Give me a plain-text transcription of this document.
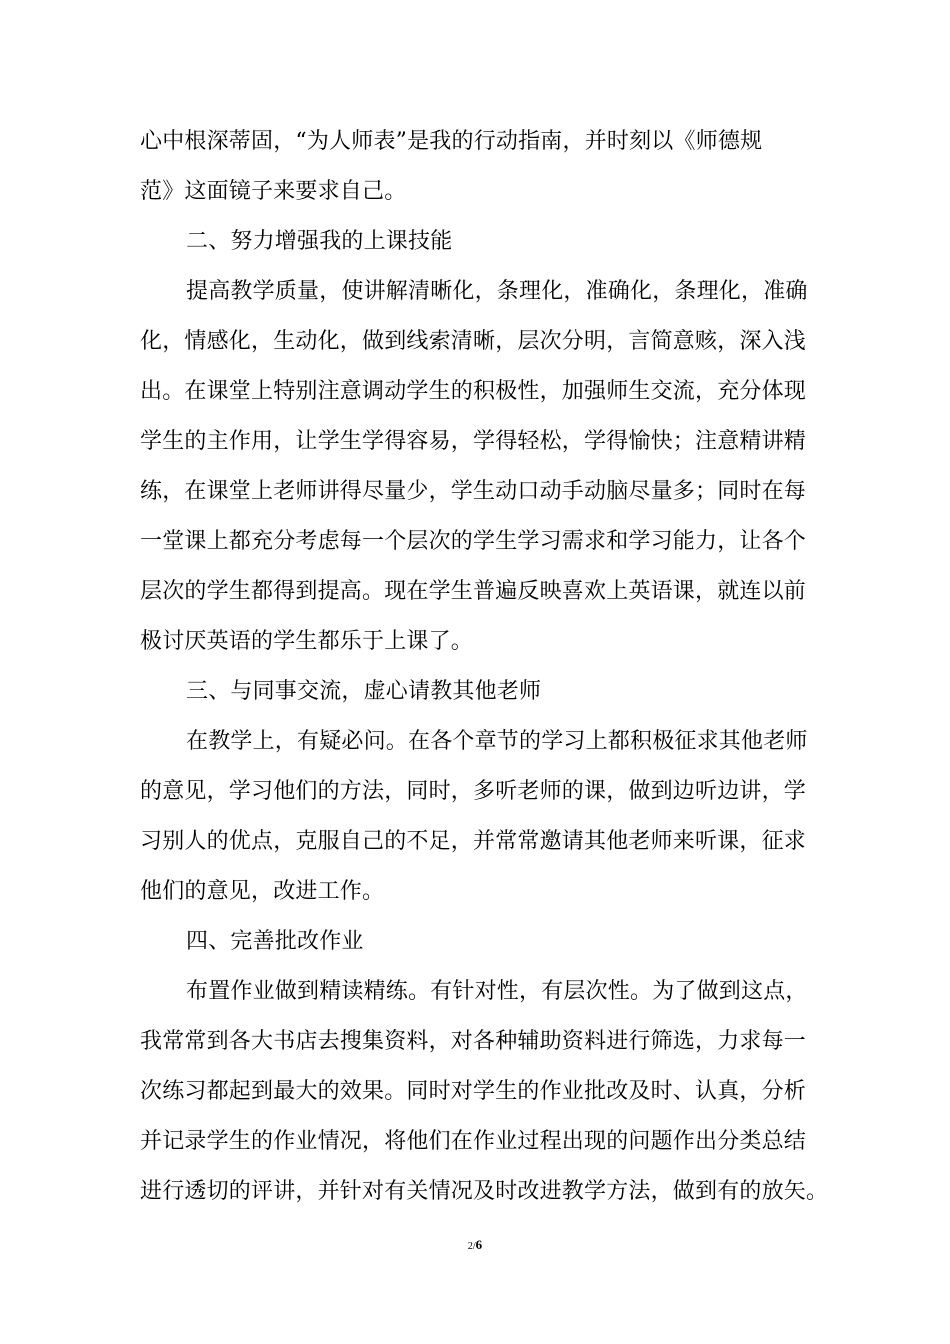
心中根深蒂固，“为人师表”是我的行动指南，并时刻以《师德规
范》这面镜子来要求自己。
二、努力增强我的上课技能
提高教学质量，使讲解清晰化，条理化，准确化，条理化，准确
化，情感化，生动化，做到线索清晰，层次分明，言简意赅，深入浅
出。在课堂上特别注意调动学生的积极性，加强师生交流，充分体现
学生的主作用，让学生学得容易，学得轻松，学得愉快；注意精讲精
练，在课堂上老师讲得尽量少，学生动口动手动脑尽量多；同时在每
一堂课上都充分考虑每一个层次的学生学习需求和学习能力，让各个
层次的学生都得到提高。现在学生普遍反映喜欢上英语课，就连以前
极讨厌英语的学生都乐于上课了。
三、与同事交流，虚心请教其他老师
在教学上，有疑必问。在各个章节的学习上都积极征求其他老师
的意见，学习他们的方法，同时，多听老师的课，做到边听边讲，学
习别人的优点，克服自己的不足，并常常邀请其他老师来听课，征求
他们的意见，改进工作。
四、完善批改作业
布置作业做到精读精练。有针对性，有层次性。为了做到这点，
我常常到各大书店去搜集资料，对各种辅助资料进行筛选，力求每一
次练习都起到最大的效果。同时对学生的作业批改及时、认真，分析
并记录学生的作业情况，将他们在作业过程出现的问题作出分类总结
进行透切的评讲，并针对有关情况及时改进教学方法，做到有的放矢。
2/6
